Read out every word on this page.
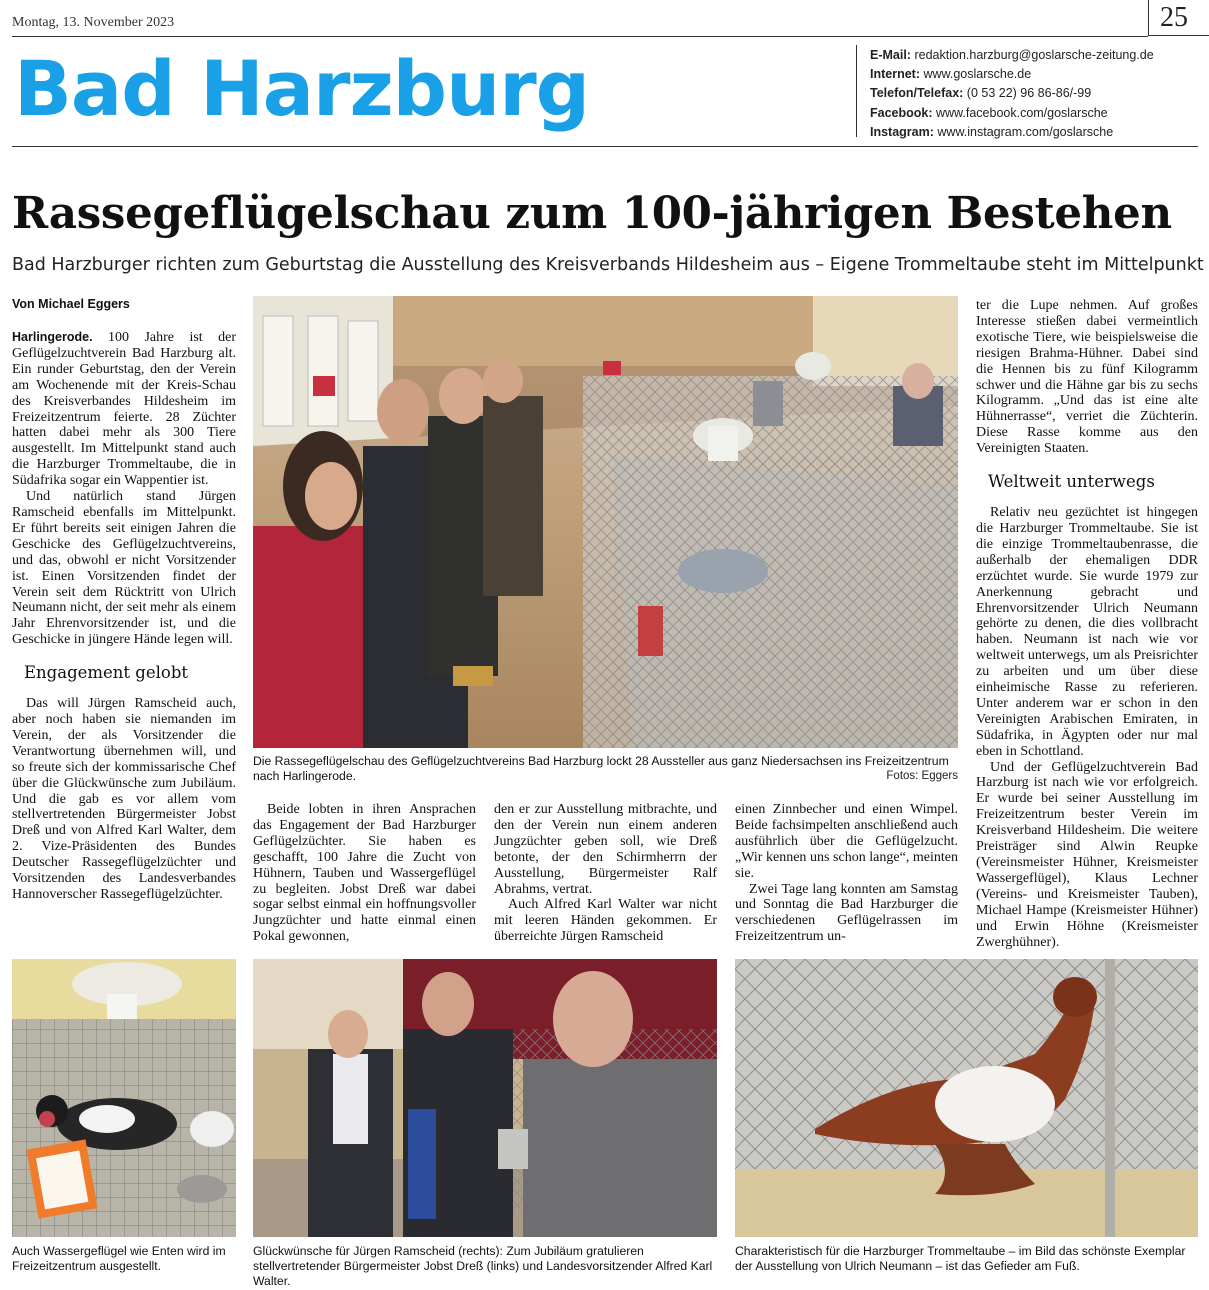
Montag, 13. November 2023	25
Bad Harzburg	E-Mail: redaktion.harzburg@goslarsche-zeitung.de
Internet: www.goslarsche.de
Telefon/Telefax: (0 53 22) 96 86-86/-99
Facebook: www.facebook.com/goslarsche
Instagram: www.instagram.com/goslarsche
Rassegeflügelschau zum 100-jährigen Bestehen
Bad Harzburger richten zum Geburtstag die Ausstellung des Kreisverbands Hildesheim aus – Eigene Trommeltaube steht im Mittelpunkt
Von Michael Eggers

Harlingerode. 100 Jahre ist der Geflügelzuchtverein Bad Harzburg alt. Ein runder Geburtstag, den der Verein am Wochenende mit der Kreis-Schau des Kreisverbandes Hildesheim im Freizeitzentrum feierte. 28 Züchter hatten dabei mehr als 300 Tiere ausgestellt. Im Mittelpunkt stand auch die Harzburger Trommeltaube, die in Südafrika sogar ein Wappentier ist.

Und natürlich stand Jürgen Ramscheid ebenfalls im Mittelpunkt. Er führt bereits seit einigen Jahren die Geschicke des Geflügelzuchtvereins, und das, obwohl er nicht Vorsitzender ist. Einen Vorsitzenden findet der Verein seit dem Rücktritt von Ulrich Neumann nicht, der seit mehr als einem Jahr Ehrenvorsitzender ist, und die Geschicke in jüngere Hände legen will.

Engagement gelobt

Das will Jürgen Ramscheid auch, aber noch haben sie niemanden im Verein, der als Vorsitzender die Verantwortung übernehmen will, und so freute sich der kommissarische Chef über die Glückwünsche zum Jubiläum. Und die gab es vor allem vom stellvertretenden Bürgermeister Jobst Dreß und von Alfred Karl Walter, dem 2. Vize-Präsidenten des Bundes Deutscher Rassegeflügelzüchter und Vorsitzenden des Landesverbandes Hannoverscher Rassegeflügelzüchter.

Die Rassegeflügelschau des Geflügelzuchtvereins Bad Harzburg lockt 28 Aussteller aus ganz Niedersachsen ins Freizeitzentrum nach Harlingerode.	Fotos: Eggers

Beide lobten in ihren Ansprachen das Engagement der Bad Harzburger Geflügelzüchter. Sie haben es geschafft, 100 Jahre die Zucht von Hühnern, Tauben und Wassergeflügel zu begleiten. Jobst Dreß war dabei sogar selbst einmal ein hoffnungsvoller Jungzüchter und hatte einmal einen Pokal gewonnen,

den er zur Ausstellung mitbrachte, und den der Verein nun einem anderen Jungzüchter geben soll, wie Dreß betonte, der den Schirmherrn der Ausstellung, Bürgermeister Ralf Abrahms, vertrat.

Auch Alfred Karl Walter war nicht mit leeren Händen gekommen. Er überreichte Jürgen Ramscheid

einen Zinnbecher und einen Wimpel. Beide fachsimpelten anschließend auch ausführlich über die Geflügelzucht. „Wir kennen uns schon lange“, meinten sie.

Zwei Tage lang konnten am Samstag und Sonntag die Bad Harzburger die verschiedenen Geflügelrassen im Freizeitzentrum un-

ter die Lupe nehmen. Auf großes Interesse stießen dabei vermeintlich exotische Tiere, wie beispielsweise die riesigen Brahma-Hühner. Dabei sind die Hennen bis zu fünf Kilogramm schwer und die Hähne gar bis zu sechs Kilogramm. „Und das ist eine alte Hühnerrasse“, verriet die Züchterin. Diese Rasse komme aus den Vereinigten Staaten.

Weltweit unterwegs

Relativ neu gezüchtet ist hingegen die Harzburger Trommeltaube. Sie ist die einzige Trommeltaubenrasse, die außerhalb der ehemaligen DDR erzüchtet wurde. Sie wurde 1979 zur Anerkennung gebracht und Ehrenvorsitzender Ulrich Neumann gehörte zu denen, die dies vollbracht haben. Neumann ist nach wie vor weltweit unterwegs, um als Preisrichter zu arbeiten und um über diese einheimische Rasse zu referieren. Unter anderem war er schon in den Vereinigten Arabischen Emiraten, in Südafrika, in Ägypten oder nur mal eben in Schottland.

Und der Geflügelzuchtverein Bad Harzburg ist nach wie vor erfolgreich. Er wurde bei seiner Ausstellung im Freizeitzentrum bester Verein im Kreisverband Hildesheim. Die weitere Preisträger sind Alwin Reupke (Vereinsmeister Hühner, Kreismeister Wassergeflügel), Klaus Lechner (Vereins- und Kreismeister Tauben), Michael Hampe (Kreismeister Hühner) und Erwin Höhne (Kreismeister Zwerghühner).

Auch Wassergeflügel wie Enten wird im Freizeitzentrum ausgestellt.
Glückwünsche für Jürgen Ramscheid (rechts): Zum Jubiläum gratulieren stellvertretender Bürgermeister Jobst Dreß (links) und Landesvorsitzender Alfred Karl Walter.
Charakteristisch für die Harzburger Trommeltaube – im Bild das schönste Exemplar der Ausstellung von Ulrich Neumann – ist das Gefieder am Fuß.
